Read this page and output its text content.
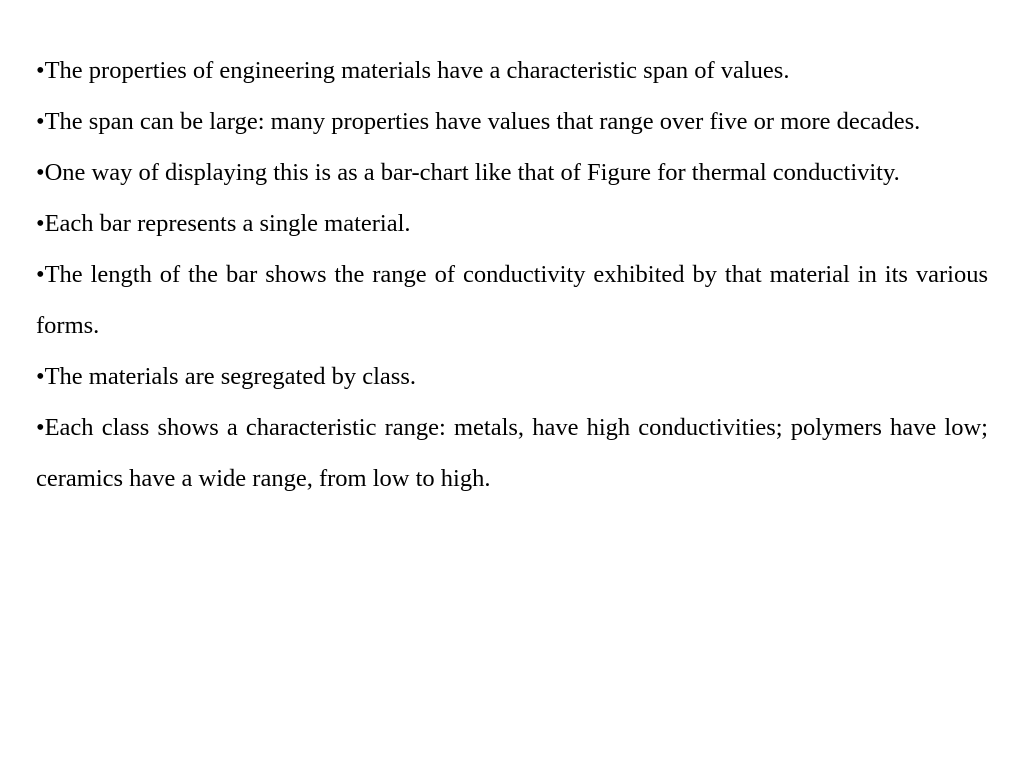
•The properties of engineering materials have a characteristic span of values.

•The span can be large: many properties have values that range over five or more decades.

•One way of displaying this is as a bar-chart like that of Figure for thermal conductivity.

•Each bar represents a single material.

•The length of the bar shows the range of conductivity exhibited by that material in its various forms.

•The materials are segregated by class.

•Each class shows a characteristic range: metals, have high conductivities; polymers have low; ceramics have a wide range, from low to high.
